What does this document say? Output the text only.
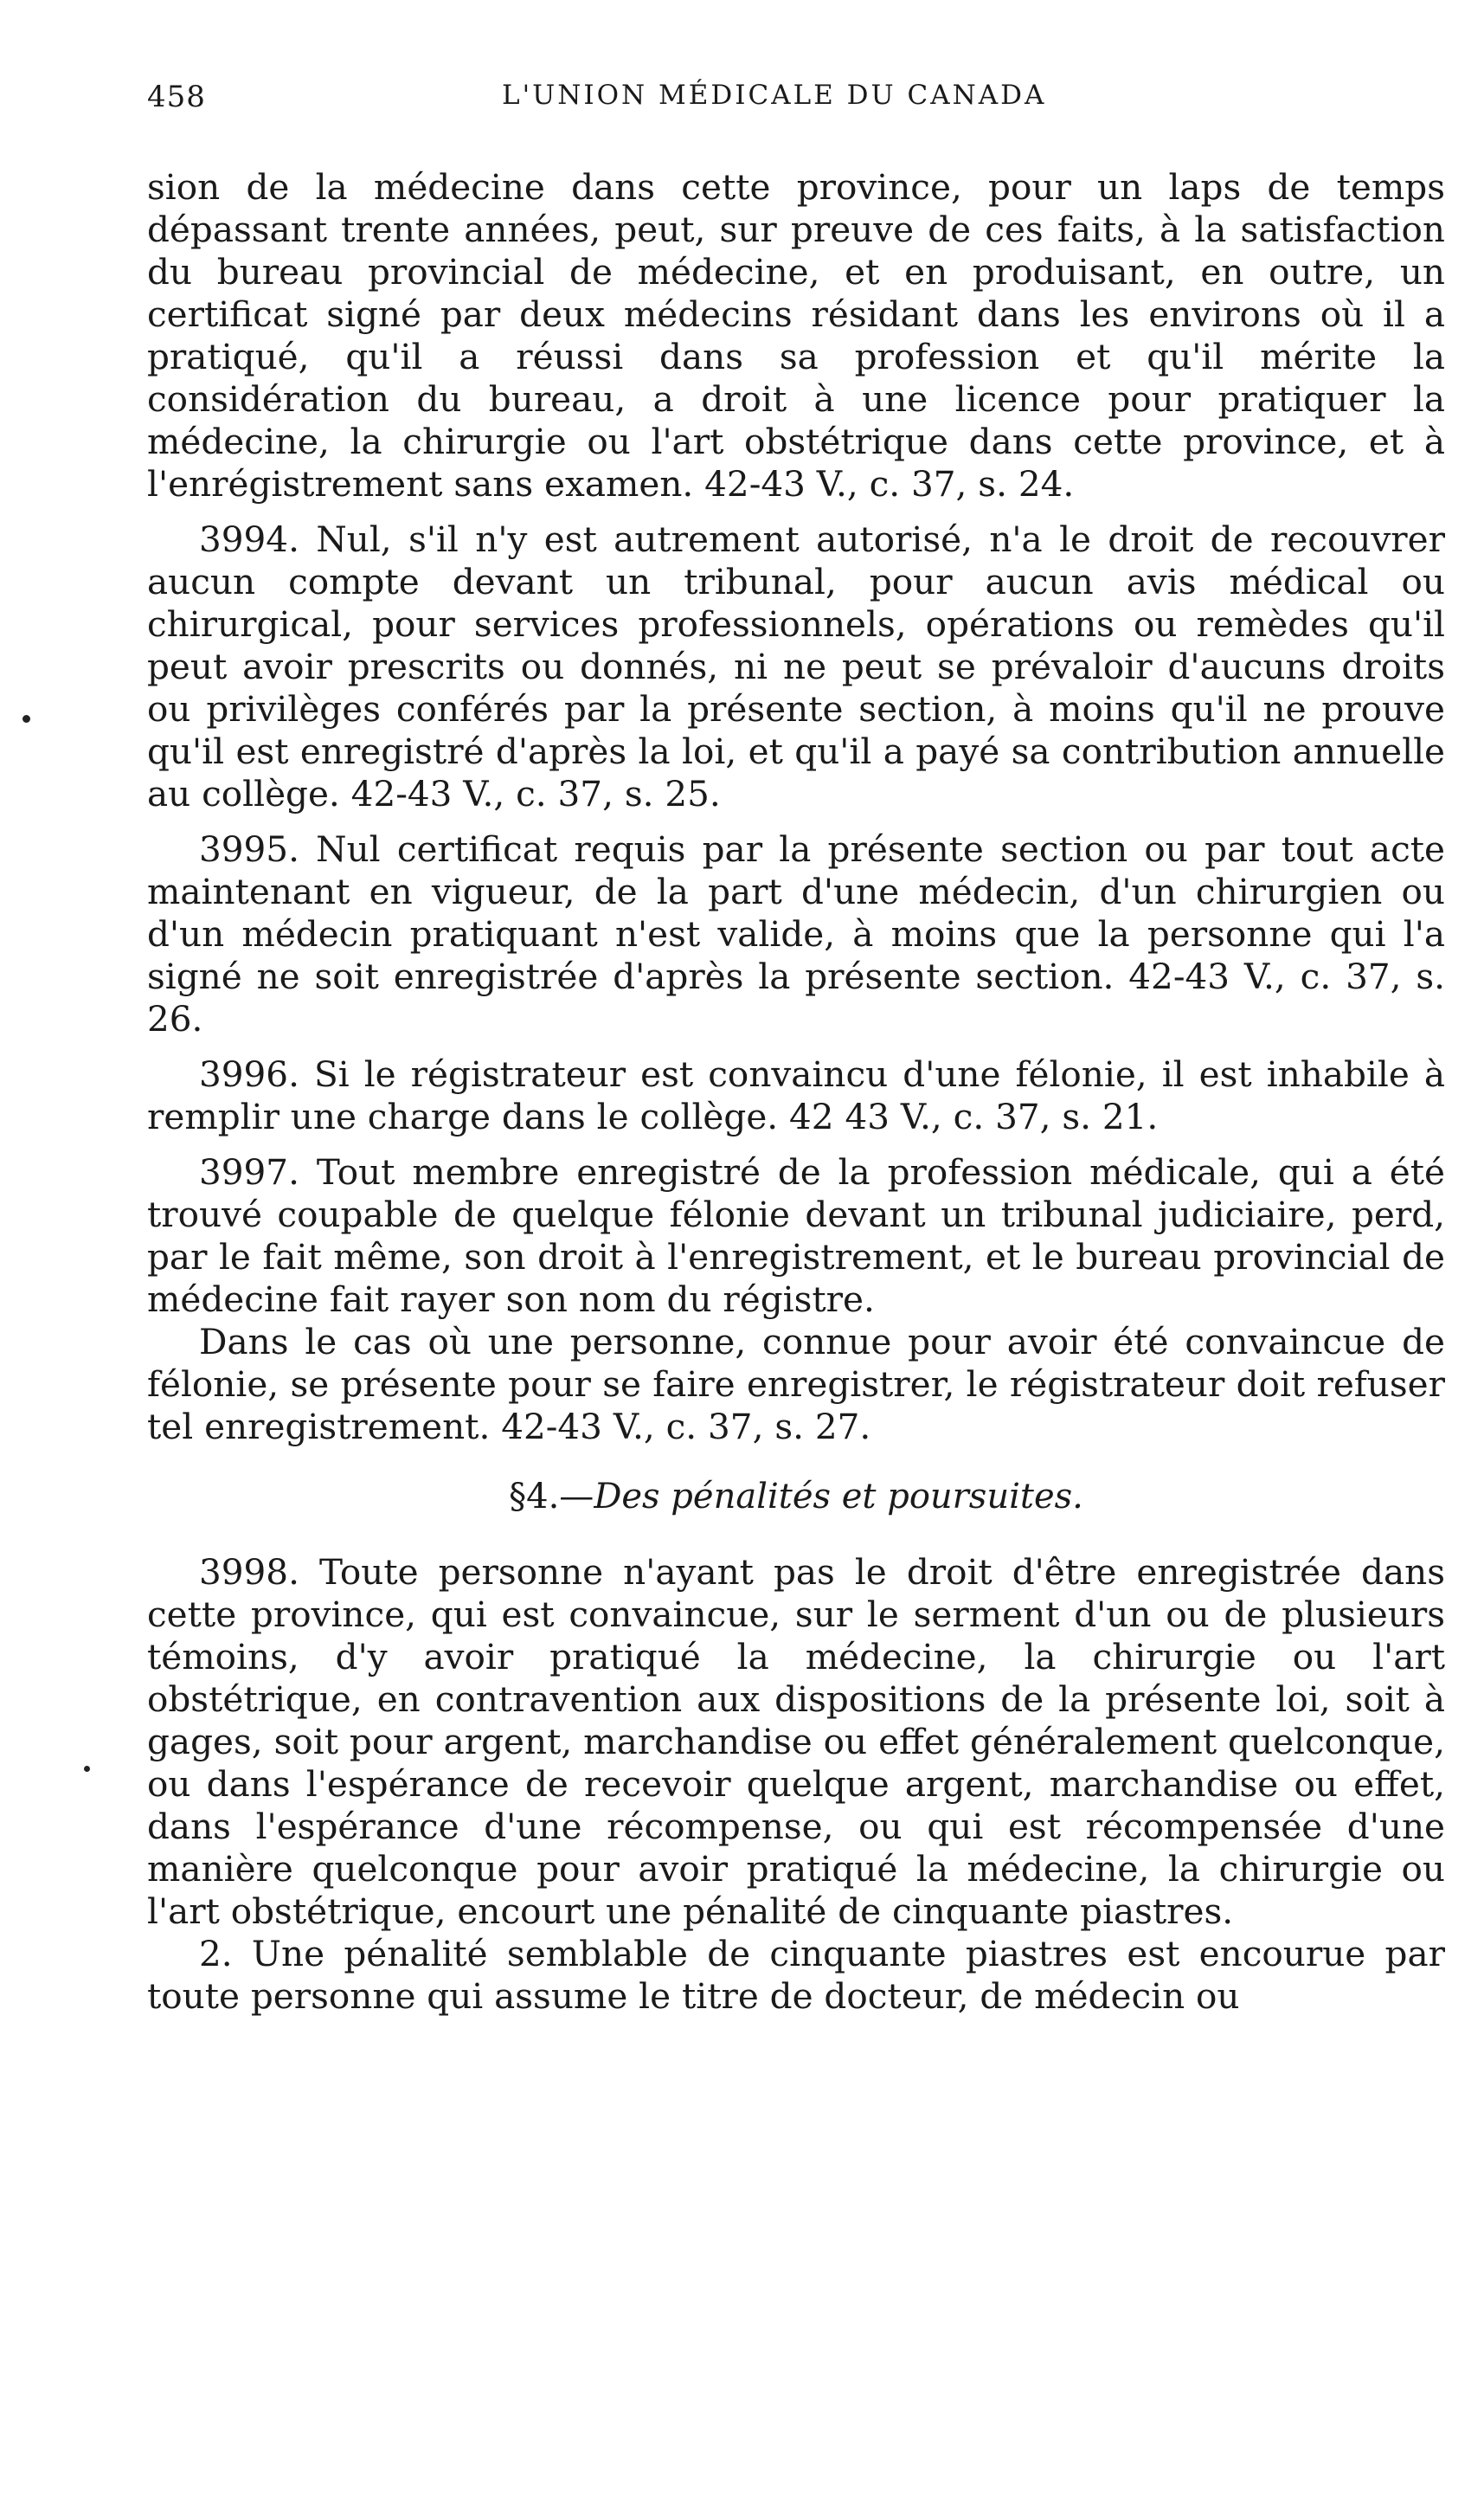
458	L'UNION MÉDICALE DU CANADA

sion de la médecine dans cette province, pour un laps de temps dépassant trente années, peut, sur preuve de ces faits, à la satisfaction du bureau provincial de médecine, et en produisant, en outre, un certificat signé par deux médecins résidant dans les environs où il a pratiqué, qu'il a réussi dans sa profession et qu'il mérite la considération du bureau, a droit à une licence pour pratiquer la médecine, la chirurgie ou l'art obstétrique dans cette province, et à l'enrégistrement sans examen. 42-43 V., c. 37, s. 24.

3994. Nul, s'il n'y est autrement autorisé, n'a le droit de recouvrer aucun compte devant un tribunal, pour aucun avis médical ou chirurgical, pour services professionnels, opérations ou remèdes qu'il peut avoir prescrits ou donnés, ni ne peut se prévaloir d'aucuns droits ou privilèges conférés par la présente section, à moins qu'il ne prouve qu'il est enregistré d'après la loi, et qu'il a payé sa contribution annuelle au collège. 42-43 V., c. 37, s. 25.

3995. Nul certificat requis par la présente section ou par tout acte maintenant en vigueur, de la part d'une médecin, d'un chirurgien ou d'un médecin pratiquant n'est valide, à moins que la personne qui l'a signé ne soit enregistrée d'après la présente section. 42-43 V., c. 37, s. 26.

3996. Si le régistrateur est convaincu d'une félonie, il est inhabile à remplir une charge dans le collège. 42 43 V., c. 37, s. 21.

3997. Tout membre enregistré de la profession médicale, qui a été trouvé coupable de quelque félonie devant un tribunal judiciaire, perd, par le fait même, son droit à l'enregistrement, et le bureau provincial de médecine fait rayer son nom du régistre.

Dans le cas où une personne, connue pour avoir été convaincue de félonie, se présente pour se faire enregistrer, le régistrateur doit refuser tel enregistrement. 42-43 V., c. 37, s. 27.

§4.—Des pénalités et poursuites.

3998. Toute personne n'ayant pas le droit d'être enregistrée dans cette province, qui est convaincue, sur le serment d'un ou de plusieurs témoins, d'y avoir pratiqué la médecine, la chirurgie ou l'art obstétrique, en contravention aux dispositions de la présente loi, soit à gages, soit pour argent, marchandise ou effet généralement quelconque, ou dans l'espérance de recevoir quelque argent, marchandise ou effet, dans l'espérance d'une récompense, ou qui est récompensée d'une manière quelconque pour avoir pratiqué la médecine, la chirurgie ou l'art obstétrique, encourt une pénalité de cinquante piastres.

2. Une pénalité semblable de cinquante piastres est encourue par toute personne qui assume le titre de docteur, de médecin ou
